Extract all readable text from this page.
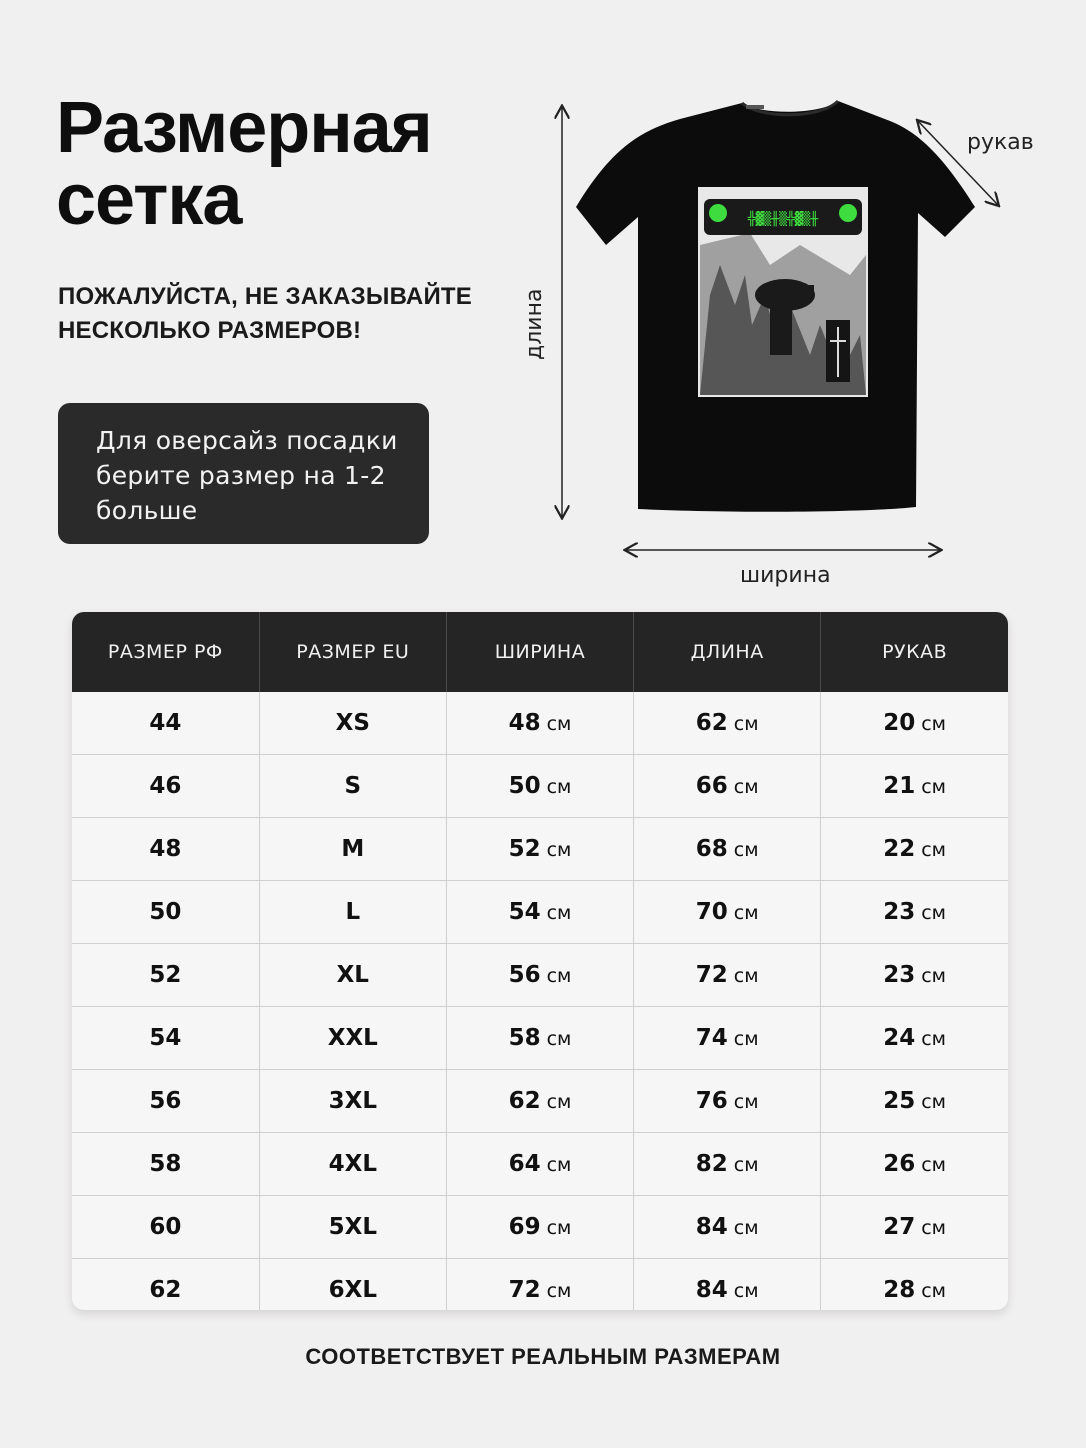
Размерная
сетка
ПОЖАЛУЙСТА, НЕ ЗАКАЗЫВАЙТЕ
НЕСКОЛЬКО РАЗМЕРОВ!
Для оверсайз посадки
берите размер на 1-2
больше
╬▓▒╫▒╬▓▒╫
рукав
ширина
длина
РАЗМЕР РФ	РАЗМЕР EU	ШИРИНА	ДЛИНА	РУКАВ
44	XS	48 см	62 см	20 см
46	S	50 см	66 см	21 см
48	M	52 см	68 см	22 см
50	L	54 см	70 см	23 см
52	XL	56 см	72 см	23 см
54	XXL	58 см	74 см	24 см
56	3XL	62 см	76 см	25 см
58	4XL	64 см	82 см	26 см
60	5XL	69 см	84 см	27 см
62	6XL	72 см	84 см	28 см
СООТВЕТСТВУЕТ РЕАЛЬНЫМ РАЗМЕРАМ
